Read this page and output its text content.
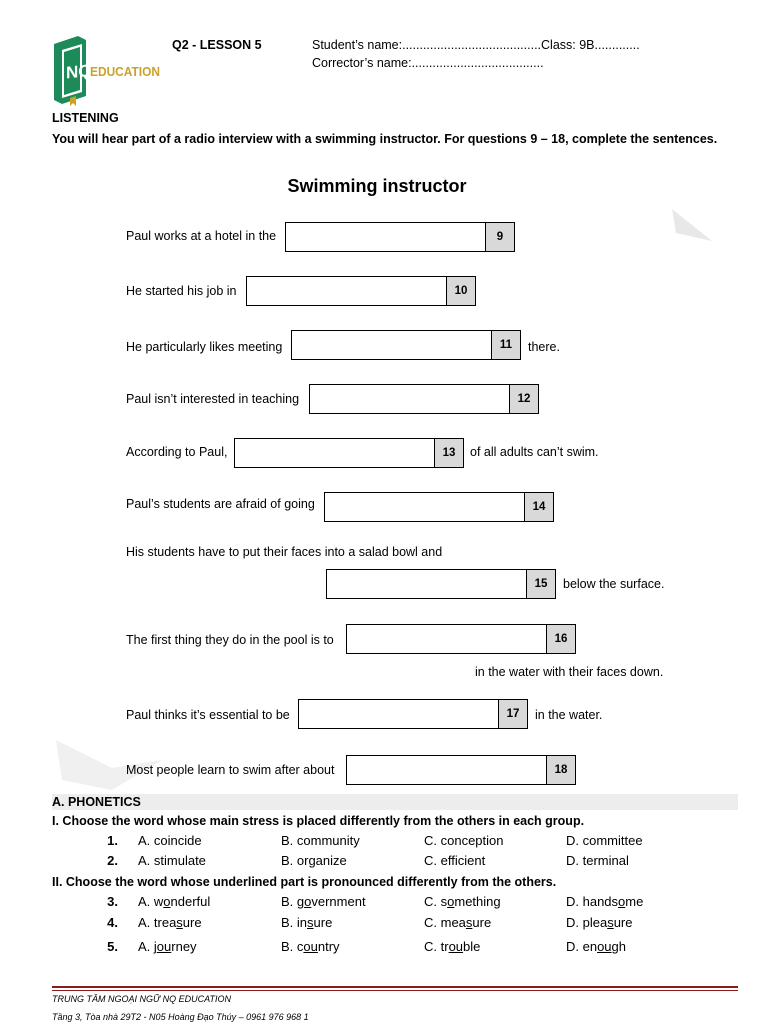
NQ
EDUCATION
Q2 - LESSON 5	Student’s name:........................................Class: 9B.............
Corrector’s name:......................................
LISTENING
You will hear part of a radio interview with a swimming instructor. For questions 9 – 18, complete the sentences.
Swimming instructor
Paul works at a hotel in the	9
He started his job in	10
He particularly likes meeting	11	there.
Paul isn’t interested in teaching	12
According to Paul,	13	of all adults can’t swim.
Paul’s students are afraid of going	14
His students have to put their faces into a salad bowl and
15	below the surface.
The first thing they do in the pool is to	16
in the water with their faces down.
Paul thinks it’s essential to be	17	in the water.
Most people learn to swim after about	18
A. PHONETICS
I. Choose the word whose main stress is placed differently from the others in each group.
1. A. coincide	B. community	C. conception	D. committee
2. A. stimulate	B. organize	C. efficient	D. terminal
II. Choose the word whose underlined part is pronounced differently from the others.
3. A. wonderful	B. government	C. something	D. handsome
4. A. treasure	B. insure	C. measure	D. pleasure
5. A. journey	B. country	C. trouble	D. enough
TRUNG TÂM NGOẠI NGỮ NQ EDUCATION
Tầng 3, Tòa nhà 29T2 - N05 Hoàng Đạo Thúy – 0961 976 968 1
